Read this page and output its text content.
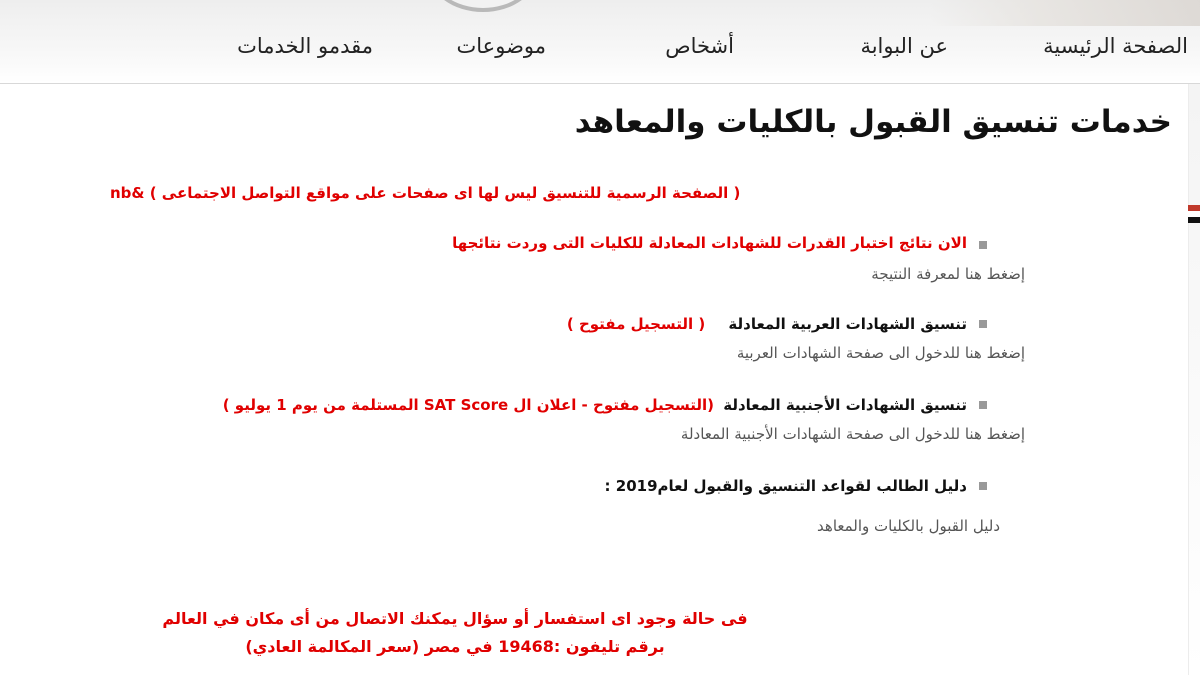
الصفحة الرئيسية
عن البوابة
أشخاص
موضوعات
مقدمو الخدمات
خدمات تنسيق القبول بالكليات والمعاهد
( الصفحة الرسمية للتنسيق ليس لها اى صفحات على مواقع التواصل الاجتماعى ) &nb
الان نتائج اختبار القدرات للشهادات المعادلة للكليات التى وردت نتائجها
إضغط هنا لمعرفة النتيجة
تنسيق الشهادات العربية المعادلة ( التسجيل مفتوح )
إضغط هنا للدخول الى صفحة الشهادات العربية
تنسيق الشهادات الأجنبية المعادلة (التسجيل مفتوح - اعلان ال SAT Score المستلمة من يوم 1 يوليو )
إضغط هنا للدخول الى صفحة الشهادات الأجنبية المعادلة
دليل الطالب لقواعد التنسيق والقبول لعام2019 :
دليل القبول بالكليات والمعاهد
فى حالة وجود اى استفسار أو سؤال يمكنك الاتصال من أى مكان في العالم
برقم تليفون :19468 في مصر (سعر المكالمة العادي)
